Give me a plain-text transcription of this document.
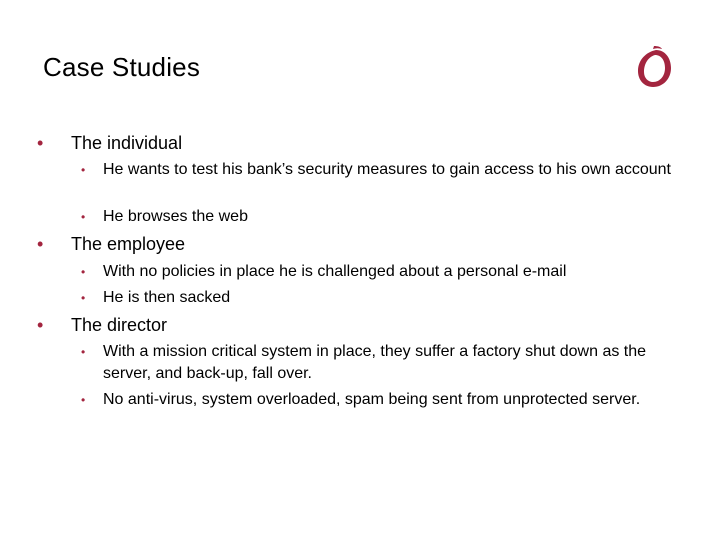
Case Studies
• The individual
• He wants to test his bank’s security measures to gain access to his own account
• He browses the web
• The employee
• With no policies in place he is challenged about a personal e-mail
• He is then sacked
• The director
• With a mission critical system in place, they suffer a factory shut down as the server, and back-up, fall over.
• No anti-virus, system overloaded, spam being sent from unprotected server.
